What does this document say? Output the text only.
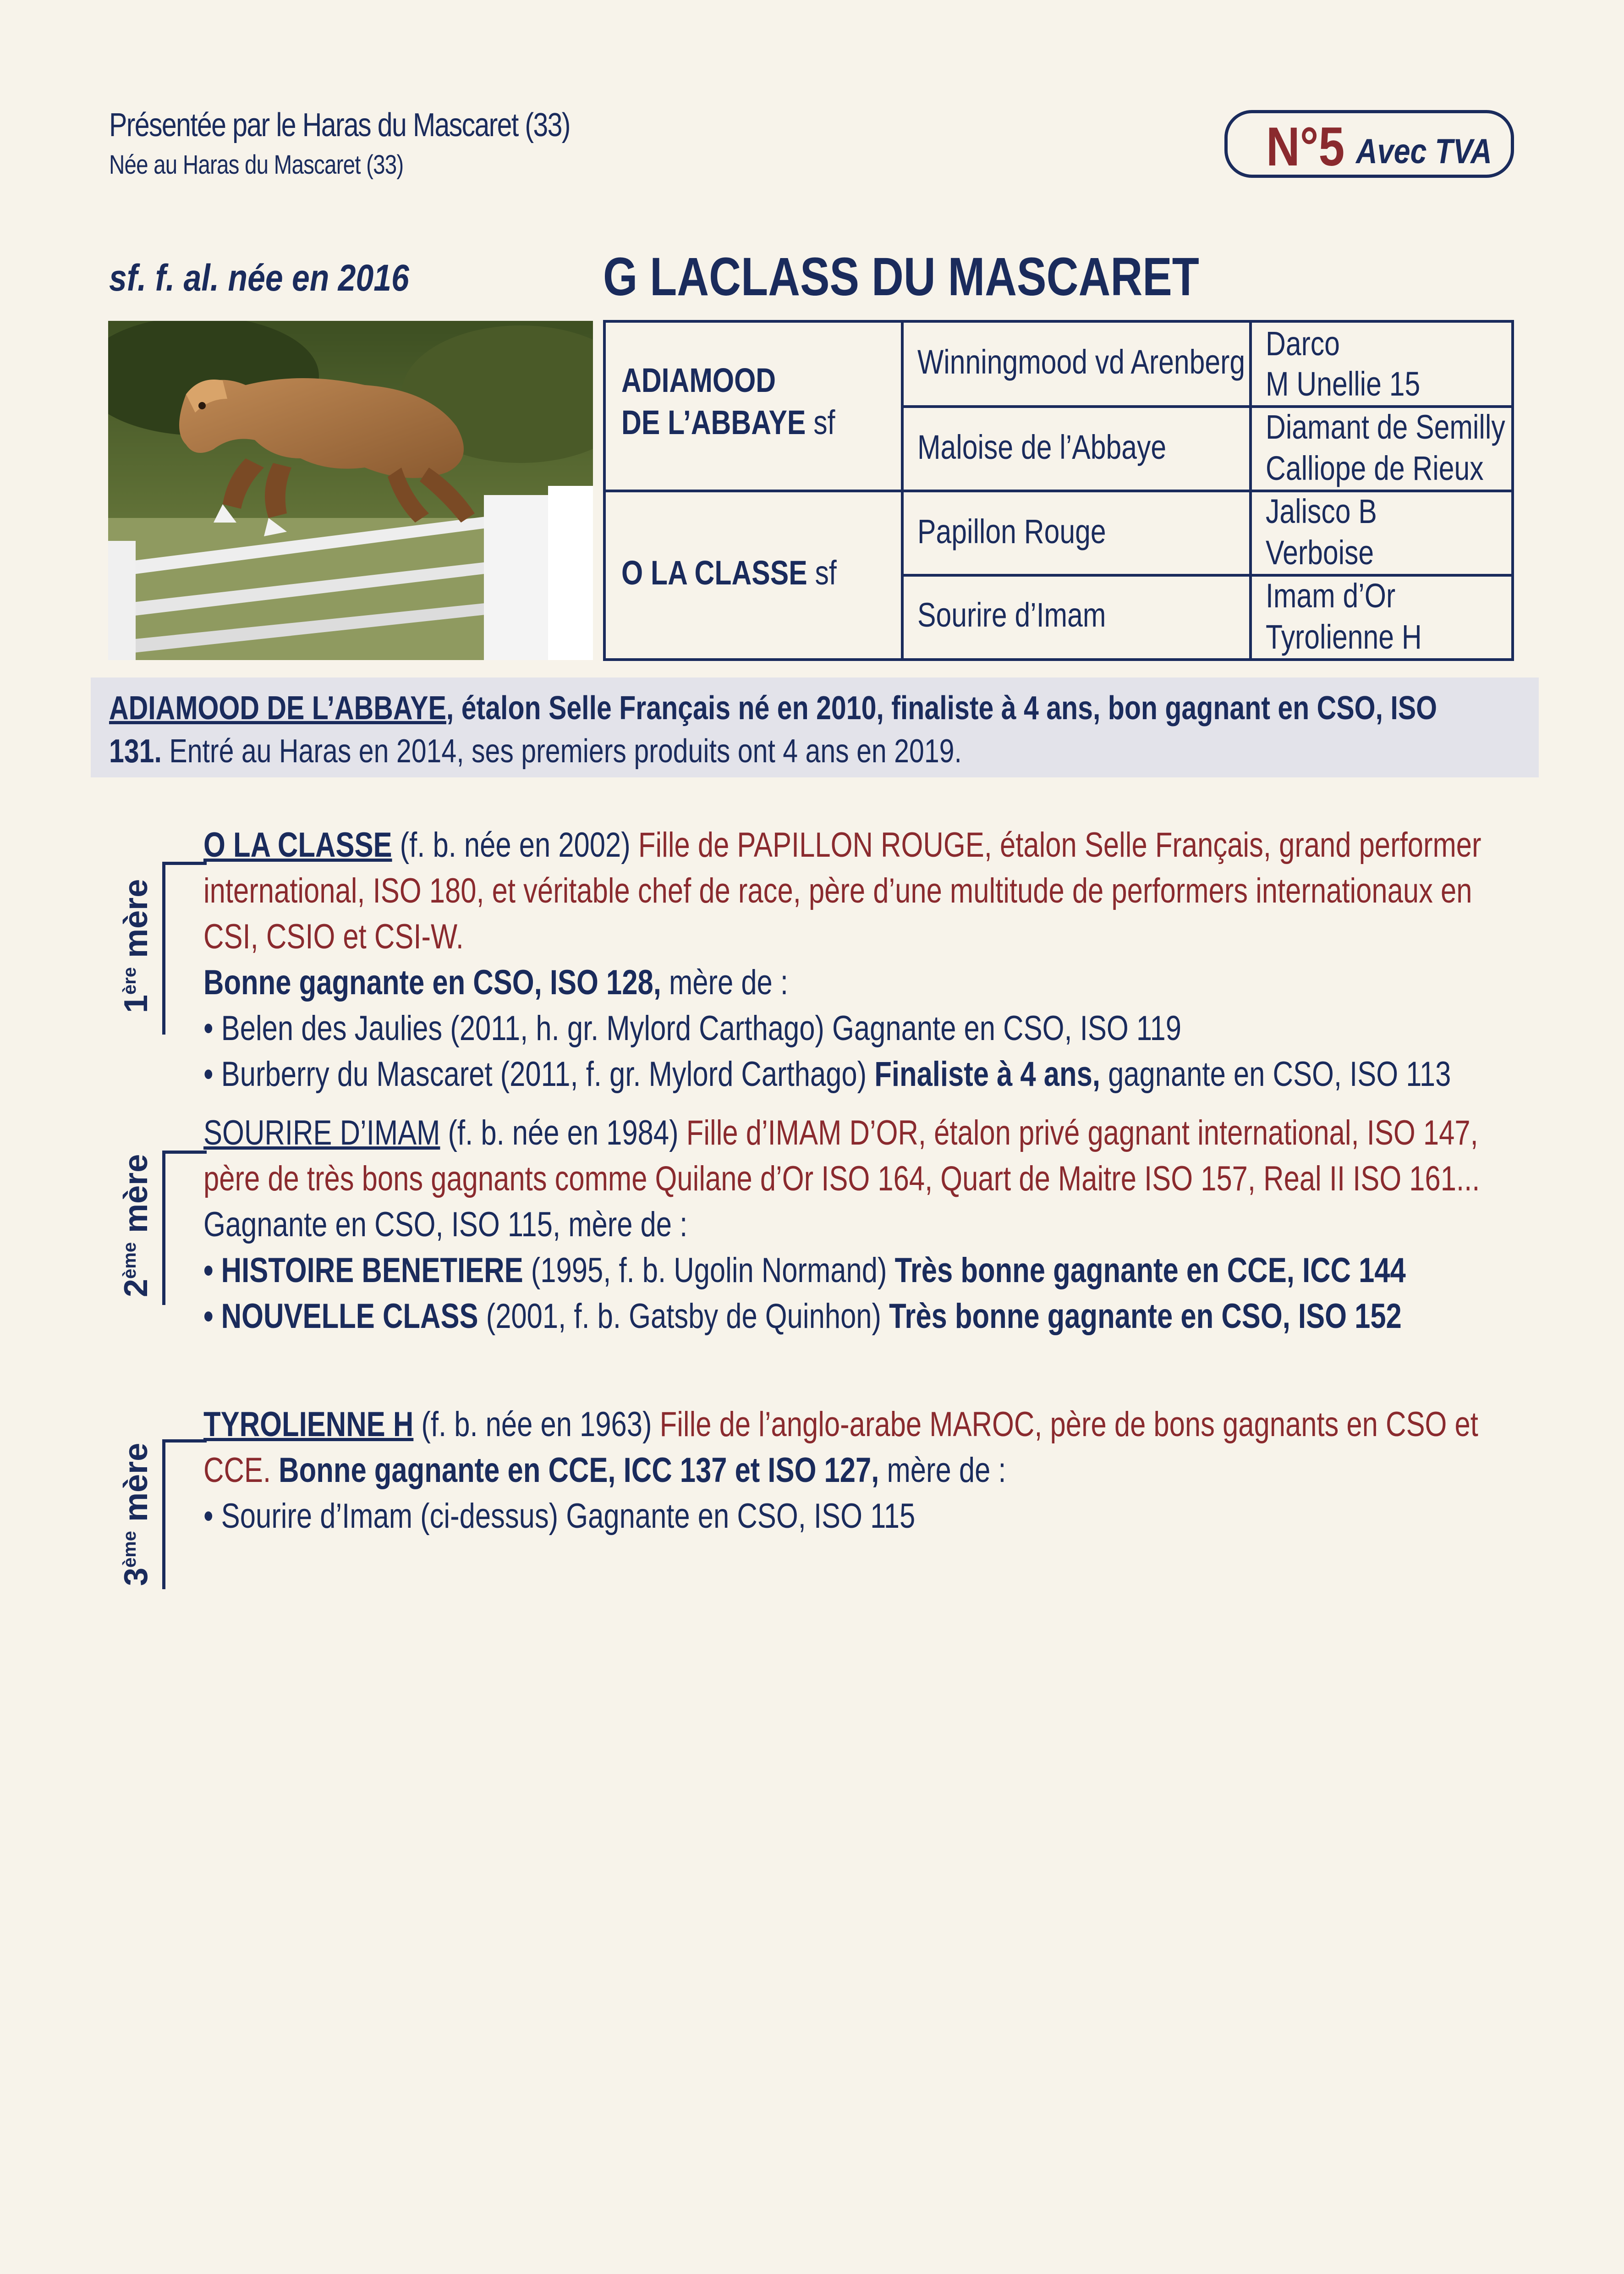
Présentée par le Haras du Mascaret (33)
Née au Haras du Mascaret (33)	N°5 Avec TVA
sf. f. al. née en 2016	G LACLASS DU MASCARET
ADIAMOOD
DE L’ABBAYE sf
O LA CLASSE sf
Winningmood vd Arenberg
Maloise de l’Abbaye
Papillon Rouge
Sourire d’Imam
Darco
M Unellie 15
Diamant de Semilly
Calliope de Rieux
Jalisco B
Verboise
Imam d’Or
Tyrolienne H
ADIAMOOD DE L’ABBAYE, étalon Selle Français né en 2010, finaliste à 4 ans, bon gagnant en CSO, ISO 131. Entré au Haras en 2014, ses premiers produits ont 4 ans en 2019.
1ère mère

O LA CLASSE (f. b. née en 2002) Fille de PAPILLON ROUGE, étalon Selle Français, grand performer international, ISO 180, et véritable chef de race, père d’une multitude de performers internationaux en CSI, CSIO et CSI-W.

Bonne gagnante en CSO, ISO 128, mère de :

• Belen des Jaulies (2011, h. gr. Mylord Carthago) Gagnante en CSO, ISO 119

• Burberry du Mascaret (2011, f. gr. Mylord Carthago) Finaliste à 4 ans, gagnante en CSO, ISO 113

2ème mère

SOURIRE D’IMAM (f. b. née en 1984) Fille d’IMAM D’OR, étalon privé gagnant international, ISO 147, père de très bons gagnants comme Quilane d’Or ISO 164, Quart de Maitre ISO 157, Real II ISO 161... Gagnante en CSO, ISO 115, mère de :

• HISTOIRE BENETIERE (1995, f. b. Ugolin Normand) Très bonne gagnante en CCE, ICC 144

• NOUVELLE CLASS (2001, f. b. Gatsby de Quinhon) Très bonne gagnante en CSO, ISO 152

3ème mère

TYROLIENNE H (f. b. née en 1963) Fille de l’anglo-arabe MAROC, père de bons gagnants en CSO et CCE. Bonne gagnante en CCE, ICC 137 et ISO 127, mère de :

• Sourire d’Imam (ci-dessus) Gagnante en CSO, ISO 115
